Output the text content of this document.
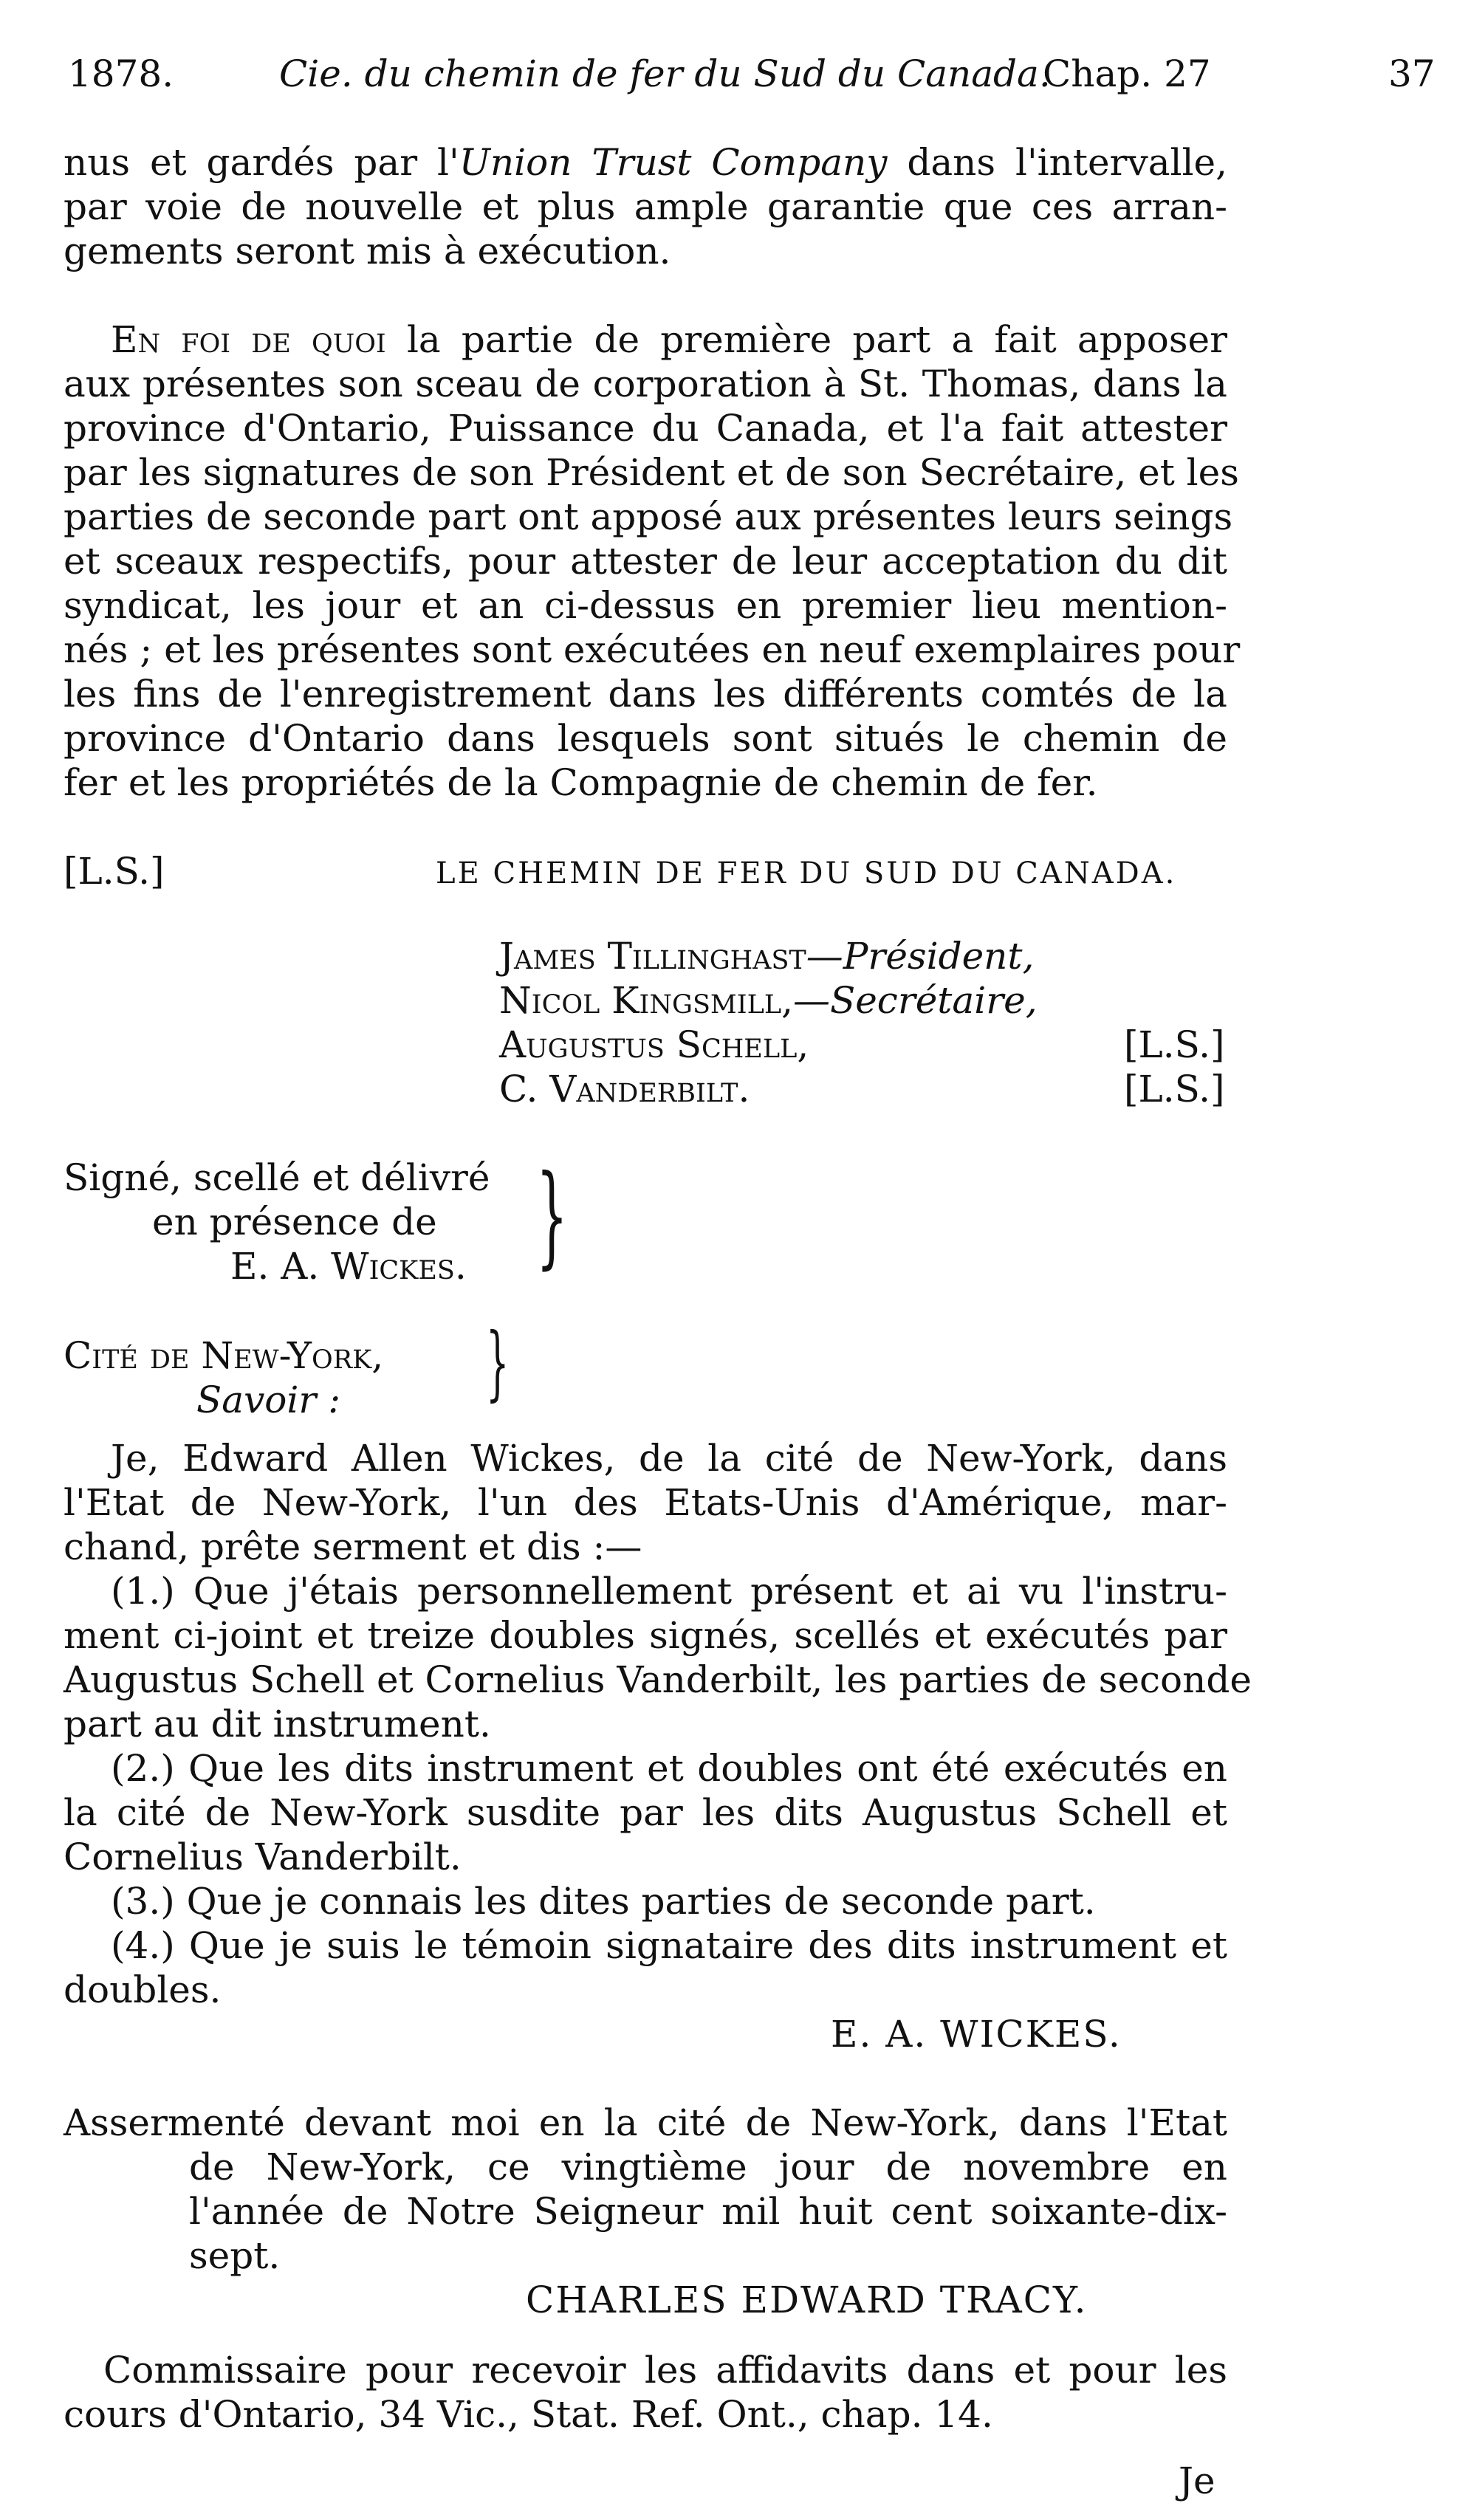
1878.	Cie. du chemin de fer du Sud du Canada.
Chap. 27	37
nus et gardés par l'Union Trust Company dans l'intervalle,
par voie de nouvelle et plus ample garantie que ces arran-
gements seront mis à exécution.
En foi de quoi la partie de première part a fait apposer
aux présentes son sceau de corporation à St. Thomas, dans la
province d'Ontario, Puissance du Canada, et l'a fait attester
par les signatures de son Président et de son Secrétaire, et les
parties de seconde part ont apposé aux présentes leurs seings
et sceaux respectifs, pour attester de leur acceptation du dit
syndicat, les jour et an ci-dessus en premier lieu mention-
nés ; et les présentes sont exécutées en neuf exemplaires pour
les fins de l'enregistrement dans les différents comtés de la
province d'Ontario dans lesquels sont situés le chemin de
fer et les propriétés de la Compagnie de chemin de fer.
[L.S.]	LE CHEMIN DE FER DU SUD DU CANADA.
James Tillinghast—Président,
Nicol Kingsmill,—Secrétaire,
Augustus Schell,	[L.S.]
C. Vanderbilt.	[L.S.]
Signé, scellé et délivré
en présence de
E. A. Wickes. }
Cité de New-York,
Savoir : }
Je, Edward Allen Wickes, de la cité de New-York, dans
l'Etat de New-York, l'un des Etats-Unis d'Amérique, mar-
chand, prête serment et dis :—
(1.) Que j'étais personnellement présent et ai vu l'instru-
ment ci-joint et treize doubles signés, scellés et exécutés par
Augustus Schell et Cornelius Vanderbilt, les parties de seconde
part au dit instrument.
(2.) Que les dits instrument et doubles ont été exécutés en
la cité de New-York susdite par les dits Augustus Schell et
Cornelius Vanderbilt.
(3.) Que je connais les dites parties de seconde part.
(4.) Que je suis le témoin signataire des dits instrument et
doubles.
E. A. WICKES.
Assermenté devant moi en la cité de New-York, dans l'Etat
de New-York, ce vingtième jour de novembre en
l'année de Notre Seigneur mil huit cent soixante-dix-
sept.
CHARLES EDWARD TRACY.
Commissaire pour recevoir les affidavits dans et pour les
cours d'Ontario, 34 Vic., Stat. Ref. Ont., chap. 14.
Je
